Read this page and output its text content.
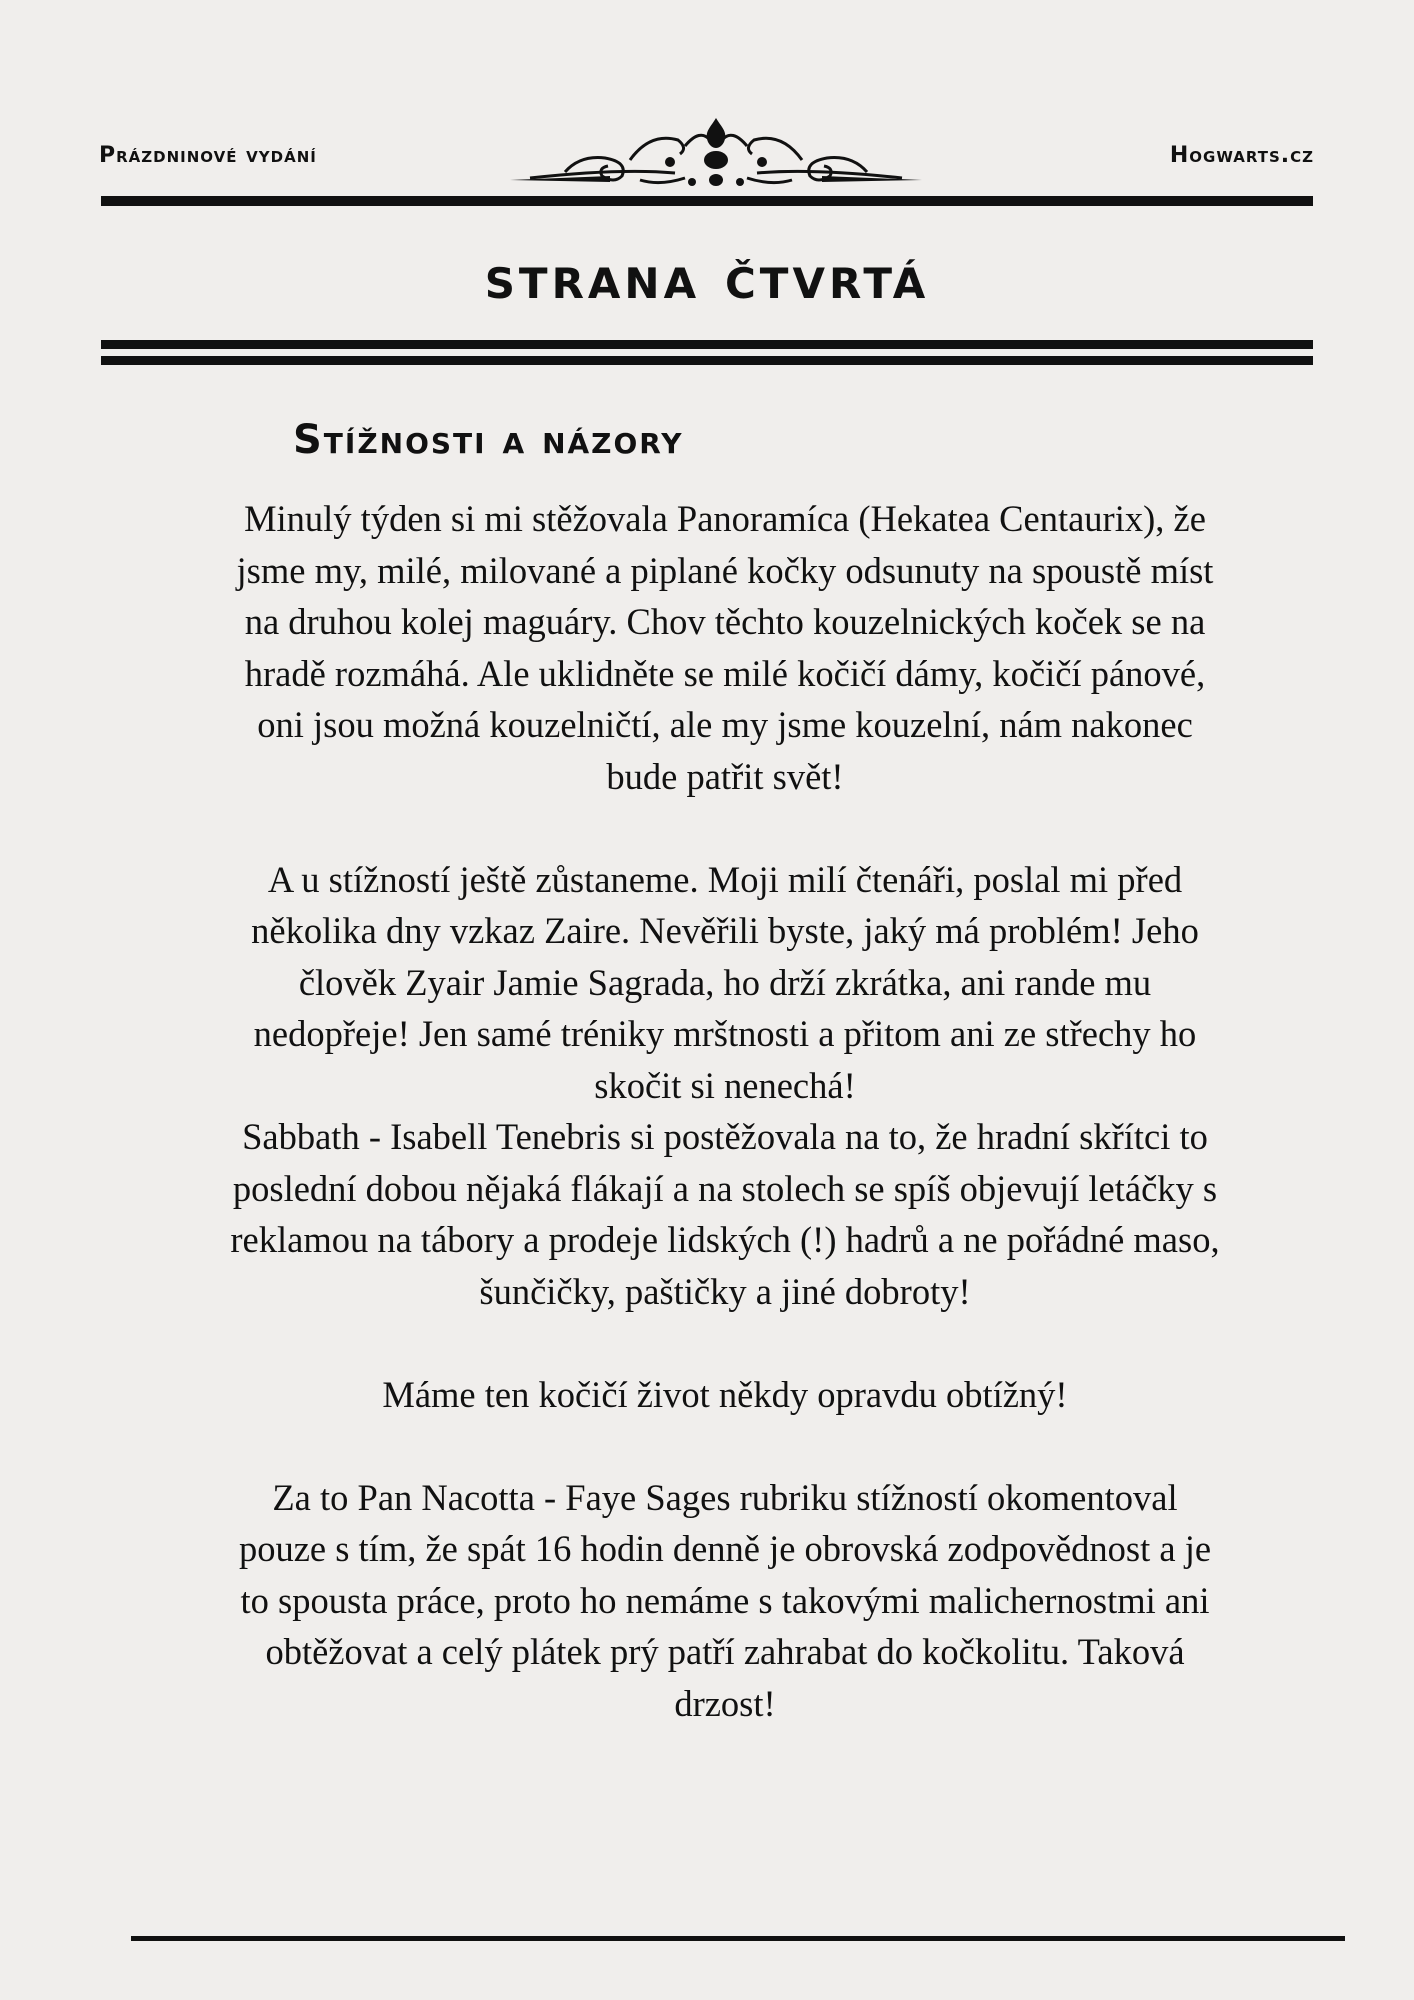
Prázdninové vydání	Hogwarts.cz
strana čtvrtá
Stížnosti a názory

Minulý týden si mi stěžovala Panoramíca (Hekatea Centaurix), že
jsme my, milé, milované a piplané kočky odsunuty na spoustě míst
na druhou kolej maguáry. Chov těchto kouzelnických koček se na
hradě rozmáhá. Ale uklidněte se milé kočičí dámy, kočičí pánové,
oni jsou možná kouzelničtí, ale my jsme kouzelní, nám nakonec
bude patřit svět!

A u stížností ještě zůstaneme. Moji milí čtenáři, poslal mi před
několika dny vzkaz Zaire. Nevěřili byste, jaký má problém! Jeho
člověk Zyair Jamie Sagrada, ho drží zkrátka, ani rande mu
nedopřeje! Jen samé tréniky mrštnosti a přitom ani ze střechy ho
skočit si nenechá!

Sabbath - Isabell Tenebris si postěžovala na to, že hradní skřítci to
poslední dobou nějaká flákají a na stolech se spíš objevují letáčky s
reklamou na tábory a prodeje lidských (!) hadrů a ne pořádné maso,
šunčičky, paštičky a jiné dobroty!

Máme ten kočičí život někdy opravdu obtížný!

Za to Pan Nacotta - Faye Sages rubriku stížností okomentoval
pouze s tím, že spát 16 hodin denně je obrovská zodpovědnost a je
to spousta práce, proto ho nemáme s takovými malichernostmi ani
obtěžovat a celý plátek prý patří zahrabat do kočkolitu. Taková
drzost!
